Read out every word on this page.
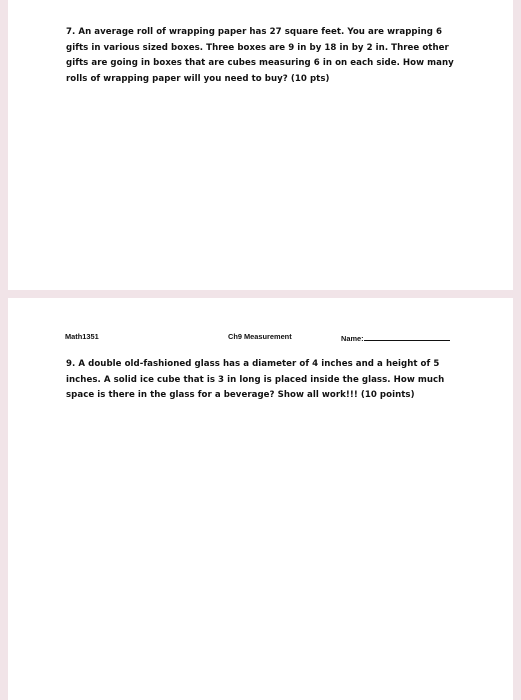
7. An average roll of wrapping paper has 27 square feet. You are wrapping 6 gifts in various sized boxes. Three boxes are 9 in by 18 in by 2 in. Three other gifts are going in boxes that are cubes measuring 6 in on each side. How many rolls of wrapping paper will you need to buy? (10 pts)

Math1351	Ch9 Measurement	Name:

9. A double old-fashioned glass has a diameter of 4 inches and a height of 5 inches. A solid ice cube that is 3 in long is placed inside the glass. How much space is there in the glass for a beverage? Show all work!!! (10 points)
